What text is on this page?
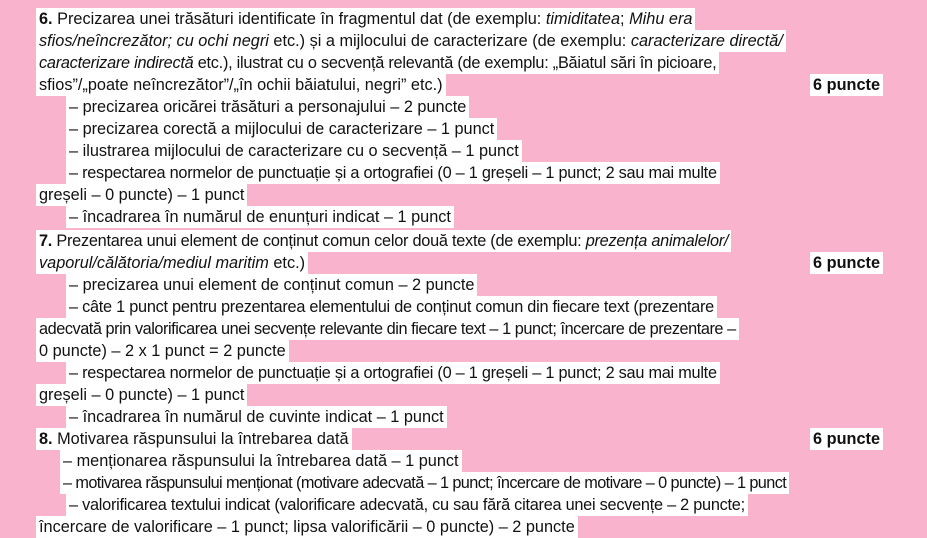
6. Precizarea unei trăsături identificate în fragmentul dat (de exemplu: timiditatea; Mihu era
sfios/neîncrezător; cu ochi negri etc.) și a mijlocului de caracterizare (de exemplu: caracterizare directă/
caracterizare indirectă etc.), ilustrat cu o secvență relevantă (de exemplu: „Băiatul sări în picioare,
sfios”/„poate neîncrezător”/„în ochii băiatului, negri” etc.)	6 puncte
– precizarea oricărei trăsături a personajului – 2 puncte
– precizarea corectă a mijlocului de caracterizare – 1 punct
– ilustrarea mijlocului de caracterizare cu o secvență – 1 punct
– respectarea normelor de punctuație și a ortografiei (0 – 1 greșeli – 1 punct; 2 sau mai multe
greșeli – 0 puncte) – 1 punct
– încadrarea în numărul de enunțuri indicat – 1 punct
7. Prezentarea unui element de conținut comun celor două texte (de exemplu: prezența animalelor/
vaporul/călătoria/mediul maritim etc.)	6 puncte
– precizarea unui element de conținut comun – 2 puncte
– câte 1 punct pentru prezentarea elementului de conținut comun din fiecare text (prezentare
adecvată prin valorificarea unei secvențe relevante din fiecare text – 1 punct; încercare de prezentare –
0 puncte) – 2 x 1 punct = 2 puncte
– respectarea normelor de punctuație și a ortografiei (0 – 1 greșeli – 1 punct; 2 sau mai multe
greșeli – 0 puncte) – 1 punct
– încadrarea în numărul de cuvinte indicat – 1 punct
8. Motivarea răspunsului la întrebarea dată	6 puncte
– menționarea răspunsului la întrebarea dată – 1 punct
– motivarea răspunsului menționat (motivare adecvată – 1 punct; încercare de motivare – 0 puncte) – 1 punct
– valorificarea textului indicat (valorificare adecvată, cu sau fără citarea unei secvențe – 2 puncte;
încercare de valorificare – 1 punct; lipsa valorificării – 0 puncte) – 2 puncte
